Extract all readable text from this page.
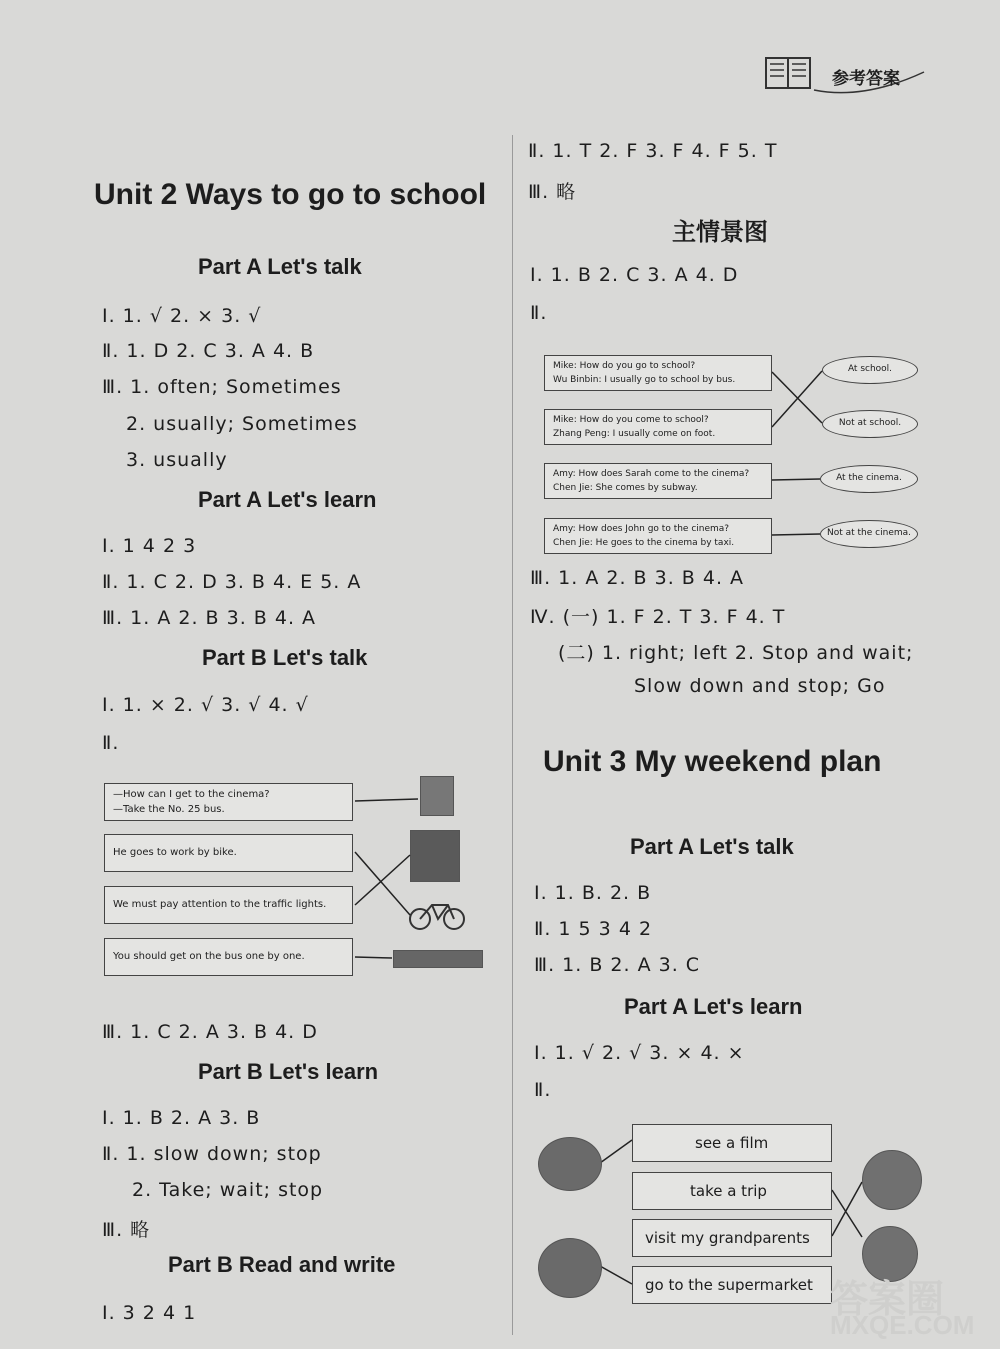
参考答案
Unit 2 Ways to go to school
Part A Let's talk
Ⅰ. 1. √ 2. × 3. √
Ⅱ. 1. D 2. C 3. A 4. B
Ⅲ. 1. often; Sometimes
2. usually; Sometimes
3. usually
Part A Let's learn
Ⅰ. 1 4 2 3
Ⅱ. 1. C 2. D 3. B 4. E 5. A
Ⅲ. 1. A 2. B 3. B 4. A
Part B Let's talk
Ⅰ. 1. × 2. √ 3. √ 4. √
Ⅱ.
—How can I get to the cinema?
—Take the No. 25 bus.
He goes to work by bike.
We must pay attention to the traffic lights.
You should get on the bus one by one.
Ⅲ. 1. C 2. A 3. B 4. D
Part B Let's learn
Ⅰ. 1. B 2. A 3. B
Ⅱ. 1. slow down; stop
2. Take; wait; stop
Ⅲ. 略
Part B Read and write
Ⅰ. 3 2 4 1
Ⅱ. 1. T 2. F 3. F 4. F 5. T
Ⅲ. 略
主情景图
Ⅰ. 1. B 2. C 3. A 4. D
Ⅱ.
Mike: How do you go to school?
Wu Binbin: I usually go to school by bus.
Mike: How do you come to school?
Zhang Peng: I usually come on foot.
Amy: How does Sarah come to the cinema?
Chen Jie: She comes by subway.
Amy: How does John go to the cinema?
Chen Jie: He goes to the cinema by taxi.
At school.
Not at school.
At the cinema.
Not at the cinema.
Ⅲ. 1. A 2. B 3. B 4. A
Ⅳ. (一) 1. F 2. T 3. F 4. T
(二) 1. right; left 2. Stop and wait;
Slow down and stop; Go
Unit 3 My weekend plan
Part A Let's talk
Ⅰ. 1. B. 2. B
Ⅱ. 1 5 3 4 2
Ⅲ. 1. B 2. A 3. C
Part A Let's learn
Ⅰ. 1. √ 2. √ 3. × 4. ×
Ⅱ.
see a film
take a trip
visit my grandparents
go to the supermarket 答案圈
MXQE.COM
